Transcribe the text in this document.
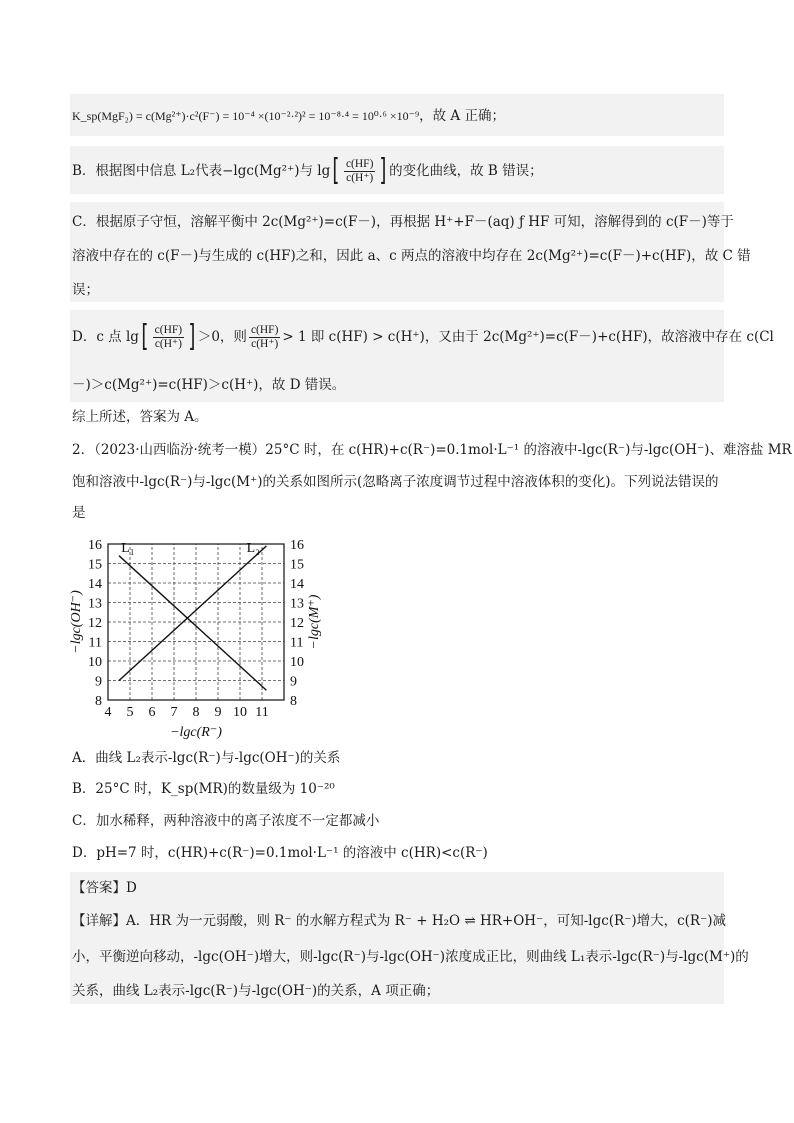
K_sp(MgF₂) = c(Mg²⁺)·c²(F⁻) = 10⁻⁴ ×(10⁻²·²)² = 10⁻⁸·⁴ = 10⁰·⁶ ×10⁻⁹，故 A 正确；
B．根据图中信息 L₂代表−lgc(Mg²⁺)与 lg [ $\frac{c(HF)}{c(H^+)}$ ] 的变化曲线，故 B 错误；
C．根据原子守恒，溶解平衡中 2c(Mg²⁺)=c(F－)，再根据 H⁺+F－(aq) ƒ HF 可知，溶解得到的 c(F－)等于
溶液中存在的 c(F－)与生成的 c(HF)之和，因此 a、c 两点的溶液中均存在 2c(Mg²⁺)=c(F－)+c(HF)，故 C 错
误；
D．c 点 lg [ $\frac{c(HF)}{c(H^+)}$ ] ＞0，则 $\frac{c(HF)}{c(H^+)} > 1$ 即 c(HF) > c(H⁺) ，又由于 2c(Mg²⁺)=c(F－)+c(HF)，故溶液中存在 c(Cl
－)＞c(Mg²⁺)=c(HF)＞c(H⁺)，故 D 错误。
综上所述，答案为 A。
2．（2023·山西临汾·统考一模）25°C 时，在 c(HR)+c(R⁻)=0.1mol·L⁻¹ 的溶液中-lgc(R⁻)与-lgc(OH⁻)、难溶盐 MR
饱和溶液中-lgc(R⁻)与-lgc(M⁺)的关系如图所示(忽略离子浓度调节过程中溶液体积的变化)。下列说法错误的
是
4 5 6 7 8 9 10 11
8	8
9	9
10	10
11	11
12	12
13	13
14	14
15	15
16	16
L₁	L₂
−lgc(R⁻)
−lgc(OH⁻)	−lgc(M⁺)
A．曲线 L₂表示-lgc(R⁻)与-lgc(OH⁻)的关系
B．25°C 时，K_sp(MR)的数量级为 10⁻²⁰
C．加水稀释，两种溶液中的离子浓度不一定都减小
D．pH=7 时，c(HR)+c(R⁻)=0.1mol·L⁻¹ 的溶液中 c(HR)<c(R⁻)
【答案】D
【详解】A．HR 为一元弱酸，则 R⁻ 的水解方程式为 R⁻ + H₂O ⇌ HR+OH⁻，可知-lgc(R⁻)增大，c(R⁻)减
小，平衡逆向移动，-lgc(OH⁻)增大，则-lgc(R⁻)与-lgc(OH⁻)浓度成正比，则曲线 L₁表示-lgc(R⁻)与-lgc(M⁺)的
关系，曲线 L₂表示-lgc(R⁻)与-lgc(OH⁻)的关系，A 项正确；
